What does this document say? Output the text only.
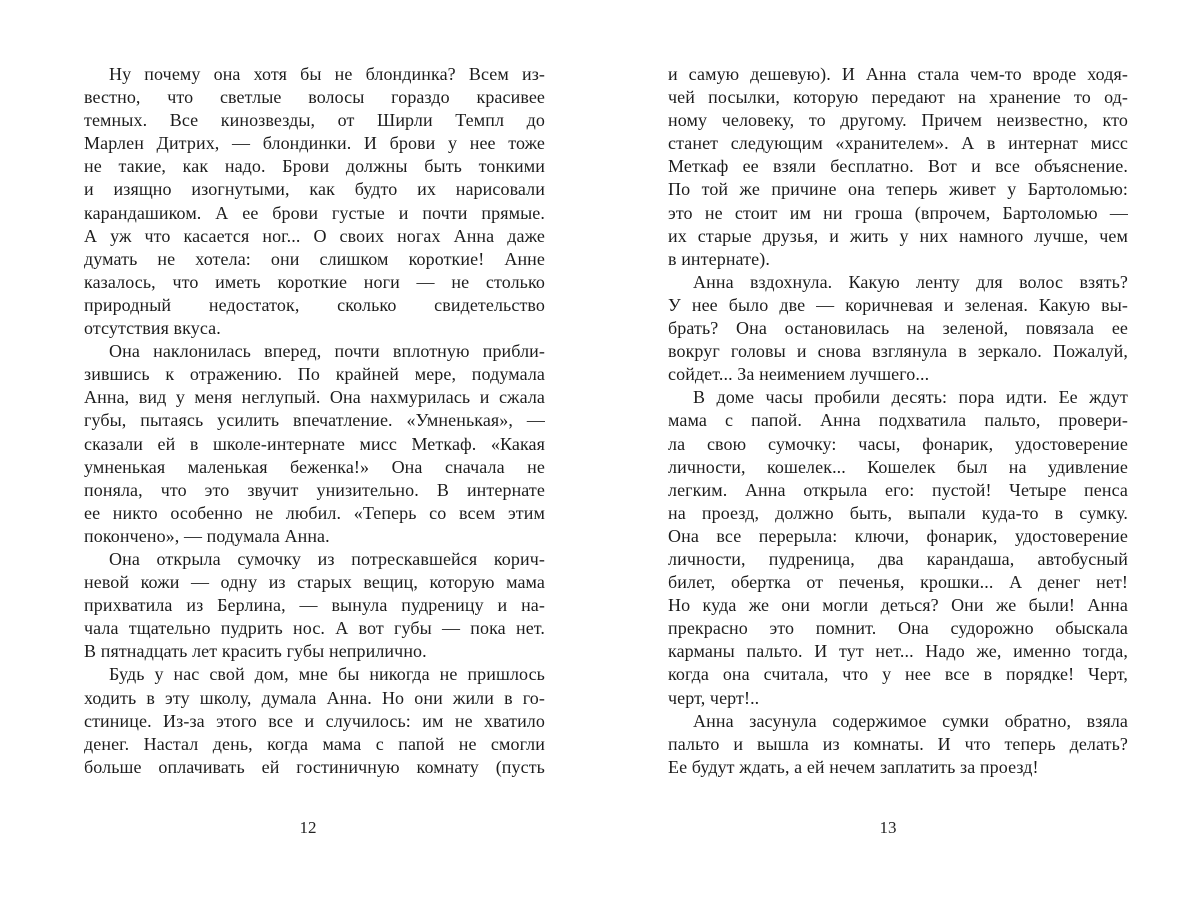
Ну почему она хотя бы не блондинка? Всем из-
вестно, что светлые волосы гораздо красивее
темных. Все кинозвезды, от Ширли Темпл до
Марлен Дитрих, — блондинки. И брови у нее тоже
не такие, как надо. Брови должны быть тонкими
и изящно изогнутыми, как будто их нарисовали
карандашиком. А ее брови густые и почти прямые.
А уж что касается ног... О своих ногах Анна даже
думать не хотела: они слишком короткие! Анне
казалось, что иметь короткие ноги — не столько
природный недостаток, сколько свидетельство
отсутствия вкуса.
Она наклонилась вперед, почти вплотную прибли-
зившись к отражению. По крайней мере, подумала
Анна, вид у меня неглупый. Она нахмурилась и сжала
губы, пытаясь усилить впечатление. «Умненькая», —
сказали ей в школе-интернате мисс Меткаф. «Какая
умненькая маленькая беженка!» Она сначала не
поняла, что это звучит унизительно. В интернате
ее никто особенно не любил. «Теперь со всем этим
покончено», — подумала Анна.
Она открыла сумочку из потрескавшейся корич-
невой кожи — одну из старых вещиц, которую мама
прихватила из Берлина, — вынула пудреницу и на-
чала тщательно пудрить нос. А вот губы — пока нет.
В пятнадцать лет красить губы неприлично.
Будь у нас свой дом, мне бы никогда не пришлось
ходить в эту школу, думала Анна. Но они жили в го-
стинице. Из-за этого все и случилось: им не хватило
денег. Настал день, когда мама с папой не смогли
больше оплачивать ей гостиничную комнату (пусть
12
и самую дешевую). И Анна стала чем-то вроде ходя-
чей посылки, которую передают на хранение то од-
ному человеку, то другому. Причем неизвестно, кто
станет следующим «хранителем». А в интернат мисс
Меткаф ее взяли бесплатно. Вот и все объяснение.
По той же причине она теперь живет у Бартоломью:
это не стоит им ни гроша (впрочем, Бартоломью —
их старые друзья, и жить у них намного лучше, чем
в интернате).
Анна вздохнула. Какую ленту для волос взять?
У нее было две — коричневая и зеленая. Какую вы-
брать? Она остановилась на зеленой, повязала ее
вокруг головы и снова взглянула в зеркало. Пожалуй,
сойдет... За неимением лучшего...
В доме часы пробили десять: пора идти. Ее ждут
мама с папой. Анна подхватила пальто, провери-
ла свою сумочку: часы, фонарик, удостоверение
личности, кошелек... Кошелек был на удивление
легким. Анна открыла его: пустой! Четыре пенса
на проезд, должно быть, выпали куда-то в сумку.
Она все перерыла: ключи, фонарик, удостоверение
личности, пудреница, два карандаша, автобусный
билет, обертка от печенья, крошки... А денег нет!
Но куда же они могли деться? Они же были! Анна
прекрасно это помнит. Она судорожно обыскала
карманы пальто. И тут нет... Надо же, именно тогда,
когда она считала, что у нее все в порядке! Черт,
черт, черт!..
Анна засунула содержимое сумки обратно, взяла
пальто и вышла из комнаты. И что теперь делать?
Ее будут ждать, а ей нечем заплатить за проезд!
13
